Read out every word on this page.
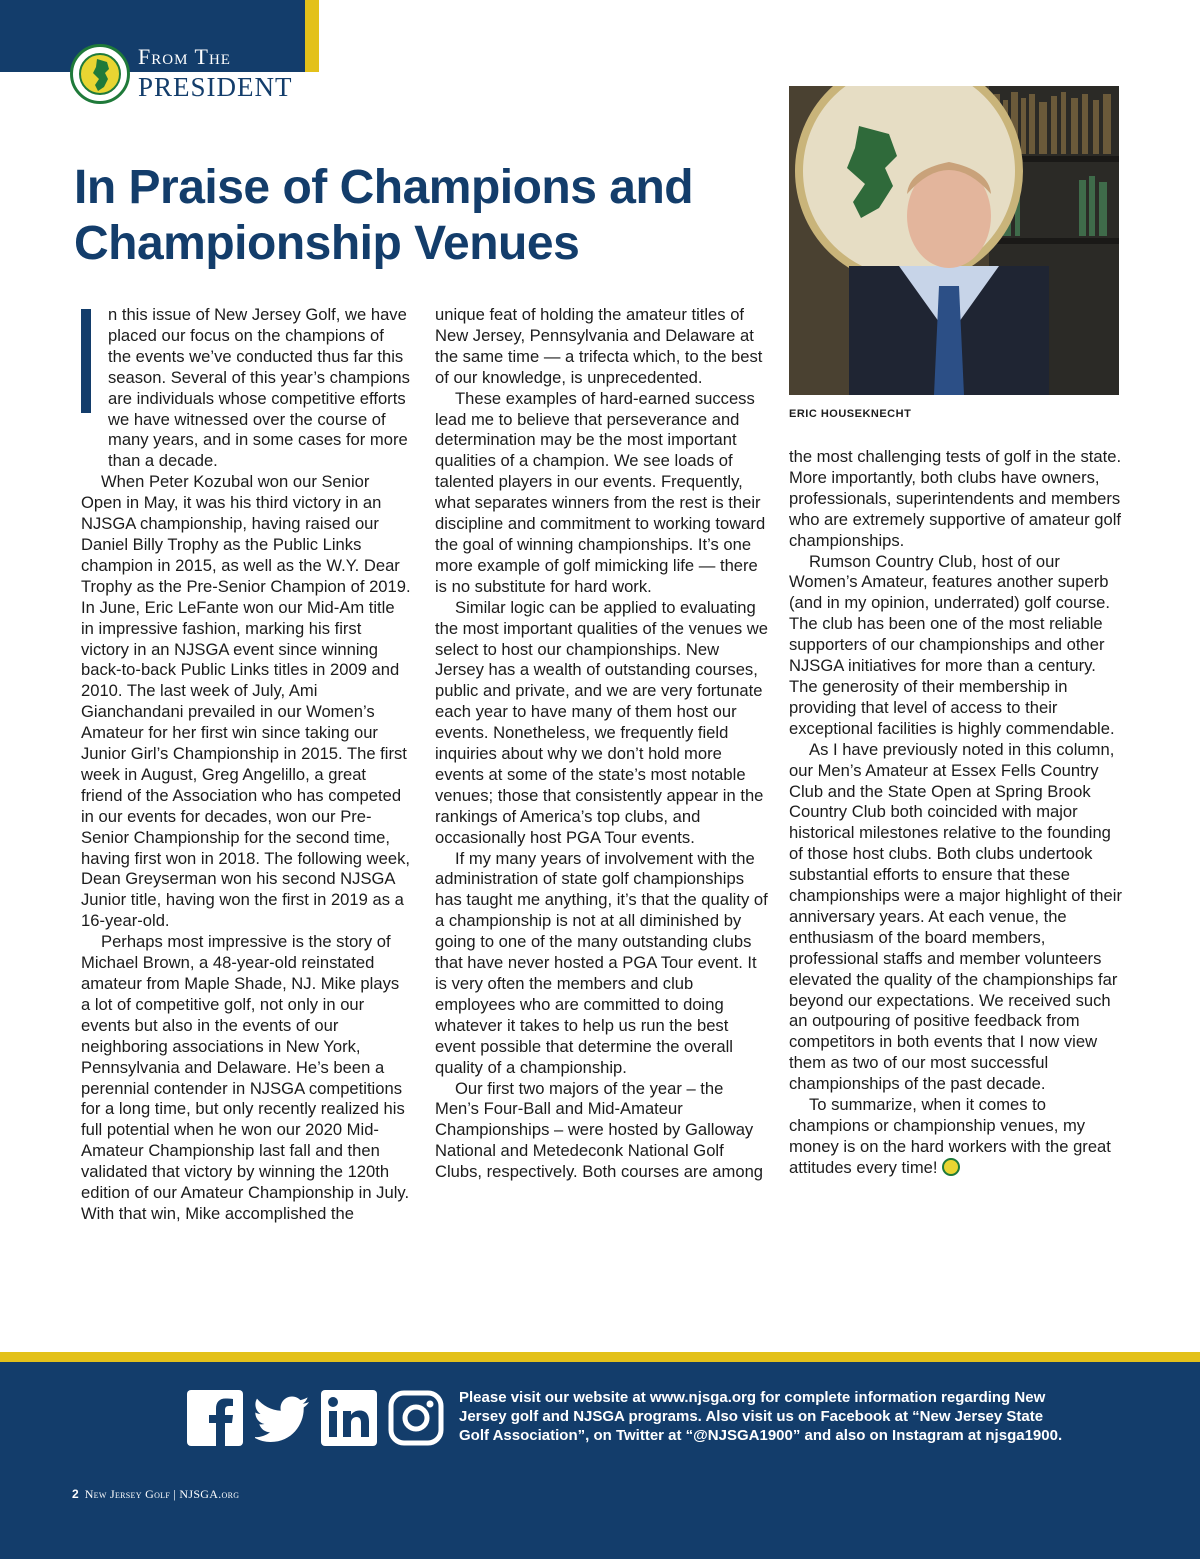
From The
PRESIDENT
In Praise of Champions and Championship Venues
ERIC HOUSEKNECHT

n this issue of New Jersey Golf, we have placed our focus on the champions of the events we’ve conducted thus far this season. Several of this year’s champions are individuals whose competitive efforts we have witnessed over the course of many years, and in some cases for more than a decade.

When Peter Kozubal won our Senior Open in May, it was his third victory in an NJSGA championship, having raised our Daniel Billy Trophy as the Public Links champion in 2015, as well as the W.Y. Dear Trophy as the Pre-Senior Champion of 2019. In June, Eric LeFante won our Mid-Am title in impressive fashion, marking his first victory in an NJSGA event since winning back-to-back Public Links titles in 2009 and 2010. The last week of July, Ami Gianchandani prevailed in our Women’s Amateur for her first win since taking our Junior Girl’s Championship in 2015. The first week in August, Greg Angelillo, a great friend of the Association who has competed in our events for decades, won our Pre-Senior Championship for the second time, having first won in 2018. The following week, Dean Greyserman won his second NJSGA Junior title, having won the first in 2019 as a 16-year-old.

Perhaps most impressive is the story of Michael Brown, a 48-year-old reinstated amateur from Maple Shade, NJ. Mike plays a lot of competitive golf, not only in our events but also in the events of our neighboring associations in New York, Pennsylvania and Delaware. He’s been a perennial contender in NJSGA competitions for a long time, but only recently realized his full potential when he won our 2020 Mid-Amateur Championship last fall and then validated that victory by winning the 120th edition of our Amateur Championship in July. With that win, Mike accomplished the

unique feat of holding the amateur titles of New Jersey, Pennsylvania and Delaware at the same time — a trifecta which, to the best of our knowledge, is unprecedented.

These examples of hard-earned success lead me to believe that perseverance and determination may be the most important qualities of a champion. We see loads of talented players in our events. Frequently, what separates winners from the rest is their discipline and commitment to working toward the goal of winning championships. It’s one more example of golf mimicking life — there is no substitute for hard work.

Similar logic can be applied to evaluating the most important qualities of the venues we select to host our championships. New Jersey has a wealth of outstanding courses, public and private, and we are very fortunate each year to have many of them host our events. Nonetheless, we frequently field inquiries about why we don’t hold more events at some of the state’s most notable venues; those that consistently appear in the rankings of America’s top clubs, and occasionally host PGA Tour events.

If my many years of involvement with the administration of state golf championships has taught me anything, it’s that the quality of a championship is not at all diminished by going to one of the many outstanding clubs that have never hosted a PGA Tour event. It is very often the members and club employees who are committed to doing whatever it takes to help us run the best event possible that determine the overall quality of a championship.

Our first two majors of the year – the Men’s Four-Ball and Mid-Amateur Championships – were hosted by Galloway National and Metedeconk National Golf Clubs, respectively. Both courses are among

the most challenging tests of golf in the state. More importantly, both clubs have owners, professionals, superintendents and members who are extremely supportive of amateur golf championships.

Rumson Country Club, host of our Women’s Amateur, features another superb (and in my opinion, underrated) golf course. The club has been one of the most reliable supporters of our championships and other NJSGA initiatives for more than a century. The generosity of their membership in providing that level of access to their exceptional facilities is highly commendable.

As I have previously noted in this column, our Men’s Amateur at Essex Fells Country Club and the State Open at Spring Brook Country Club both coincided with major historical milestones relative to the founding of those host clubs. Both clubs undertook substantial efforts to ensure that these championships were a major highlight of their anniversary years. At each venue, the enthusiasm of the board members, professional staffs and member volunteers elevated the quality of the championships far beyond our expectations. We received such an outpouring of positive feedback from competitors in both events that I now view them as two of our most successful championships of the past decade.

To summarize, when it comes to champions or championship venues, my money is on the hard workers with the great attitudes every time!

Please visit our website at www.njsga.org for complete information regarding New Jersey golf and NJSGA programs. Also visit us on Facebook at “New Jersey State Golf Association”, on Twitter at “@NJSGA1900” and also on Instagram at njsga1900.
2 New Jersey Golf | NJSGA.org
